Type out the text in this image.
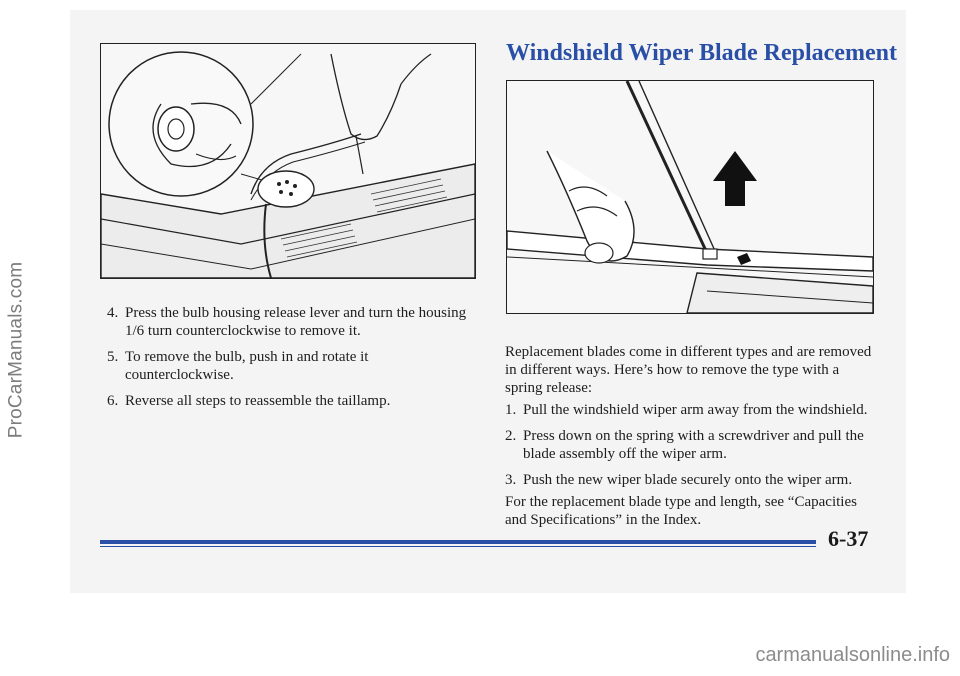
ProCarManuals.com
Windshield Wiper Blade Replacement
4. Press the bulb housing release lever and turn the housing 1/6 turn counterclockwise to remove it.
5. To remove the bulb, push in and rotate it counterclockwise.
6. Reverse all steps to reassemble the taillamp.

Replacement blades come in different types and are removed in different ways. Here’s how to remove the type with a spring release:

1. Pull the windshield wiper arm away from the windshield.
2. Press down on the spring with a screwdriver and pull the blade assembly off the wiper arm.
3. Push the new wiper blade securely onto the wiper arm.

For the replacement blade type and length, see “Capacities and Specifications” in the Index.

6-37
carmanualsonline.info
